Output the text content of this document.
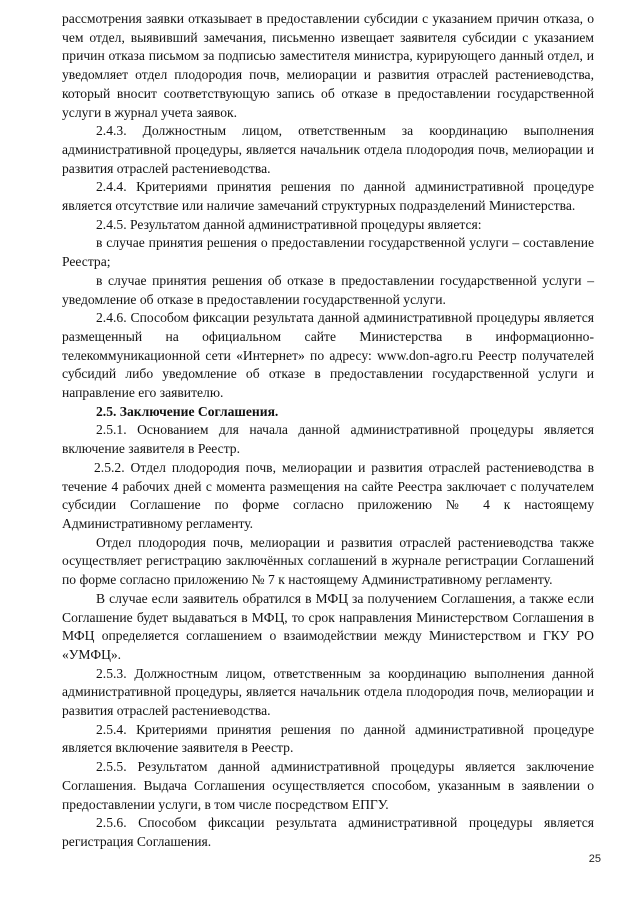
рассмотрения заявки отказывает в предоставлении субсидии с указанием причин отказа, о чем отдел, выявивший замечания, письменно извещает заявителя субсидии с указанием причин отказа письмом за подписью заместителя министра, курирующего данный отдел, и уведомляет отдел плодородия почв, мелиорации и развития отраслей растениеводства, который вносит соответствующую запись об отказе в предоставлении государственной услуги в журнал учета заявок.

2.4.3. Должностным лицом, ответственным за координацию выполнения административной процедуры, является начальник отдела плодородия почв, мелиорации и развития отраслей растениеводства.

2.4.4. Критериями принятия решения по данной административной процедуре является отсутствие или наличие замечаний структурных подразделений Министерства.

2.4.5. Результатом данной административной процедуры является:

в случае принятия решения о предоставлении государственной услуги – составление Реестра;

в случае принятия решения об отказе в предоставлении государственной услуги – уведомление об отказе в предоставлении государственной услуги.

2.4.6. Способом фиксации результата данной административной процедуры является размещенный на официальном сайте Министерства в информационно-телекоммуникационной сети «Интернет» по адресу: www.don-agro.ru Реестр получателей субсидий либо уведомление об отказе в предоставлении государственной услуги и направление его заявителю.

2.5. Заключение Соглашения.

2.5.1. Основанием для начала данной административной процедуры является включение заявителя в Реестр.

2.5.2. Отдел плодородия почв, мелиорации и развития отраслей растениеводства в течение 4 рабочих дней с момента размещения на сайте Реестра заключает с получателем субсидии Соглашение по форме согласно приложению № 4 к настоящему Административному регламенту.

Отдел плодородия почв, мелиорации и развития отраслей растениеводства также осуществляет регистрацию заключённых соглашений в журнале регистрации Соглашений по форме согласно приложению № 7 к настоящему Административному регламенту.

В случае если заявитель обратился в МФЦ за получением Соглашения, а также если Соглашение будет выдаваться в МФЦ, то срок направления Министерством Соглашения в МФЦ определяется соглашением о взаимодействии между Министерством и ГКУ РО «УМФЦ».

2.5.3. Должностным лицом, ответственным за координацию выполнения данной административной процедуры, является начальник отдела плодородия почв, мелиорации и развития отраслей растениеводства.

2.5.4. Критериями принятия решения по данной административной процедуре является включение заявителя в Реестр.

2.5.5. Результатом данной административной процедуры является заключение Соглашения. Выдача Соглашения осуществляется способом, указанным в заявлении о предоставлении услуги, в том числе посредством ЕПГУ.

2.5.6. Способом фиксации результата административной процедуры является регистрация Соглашения.

25
